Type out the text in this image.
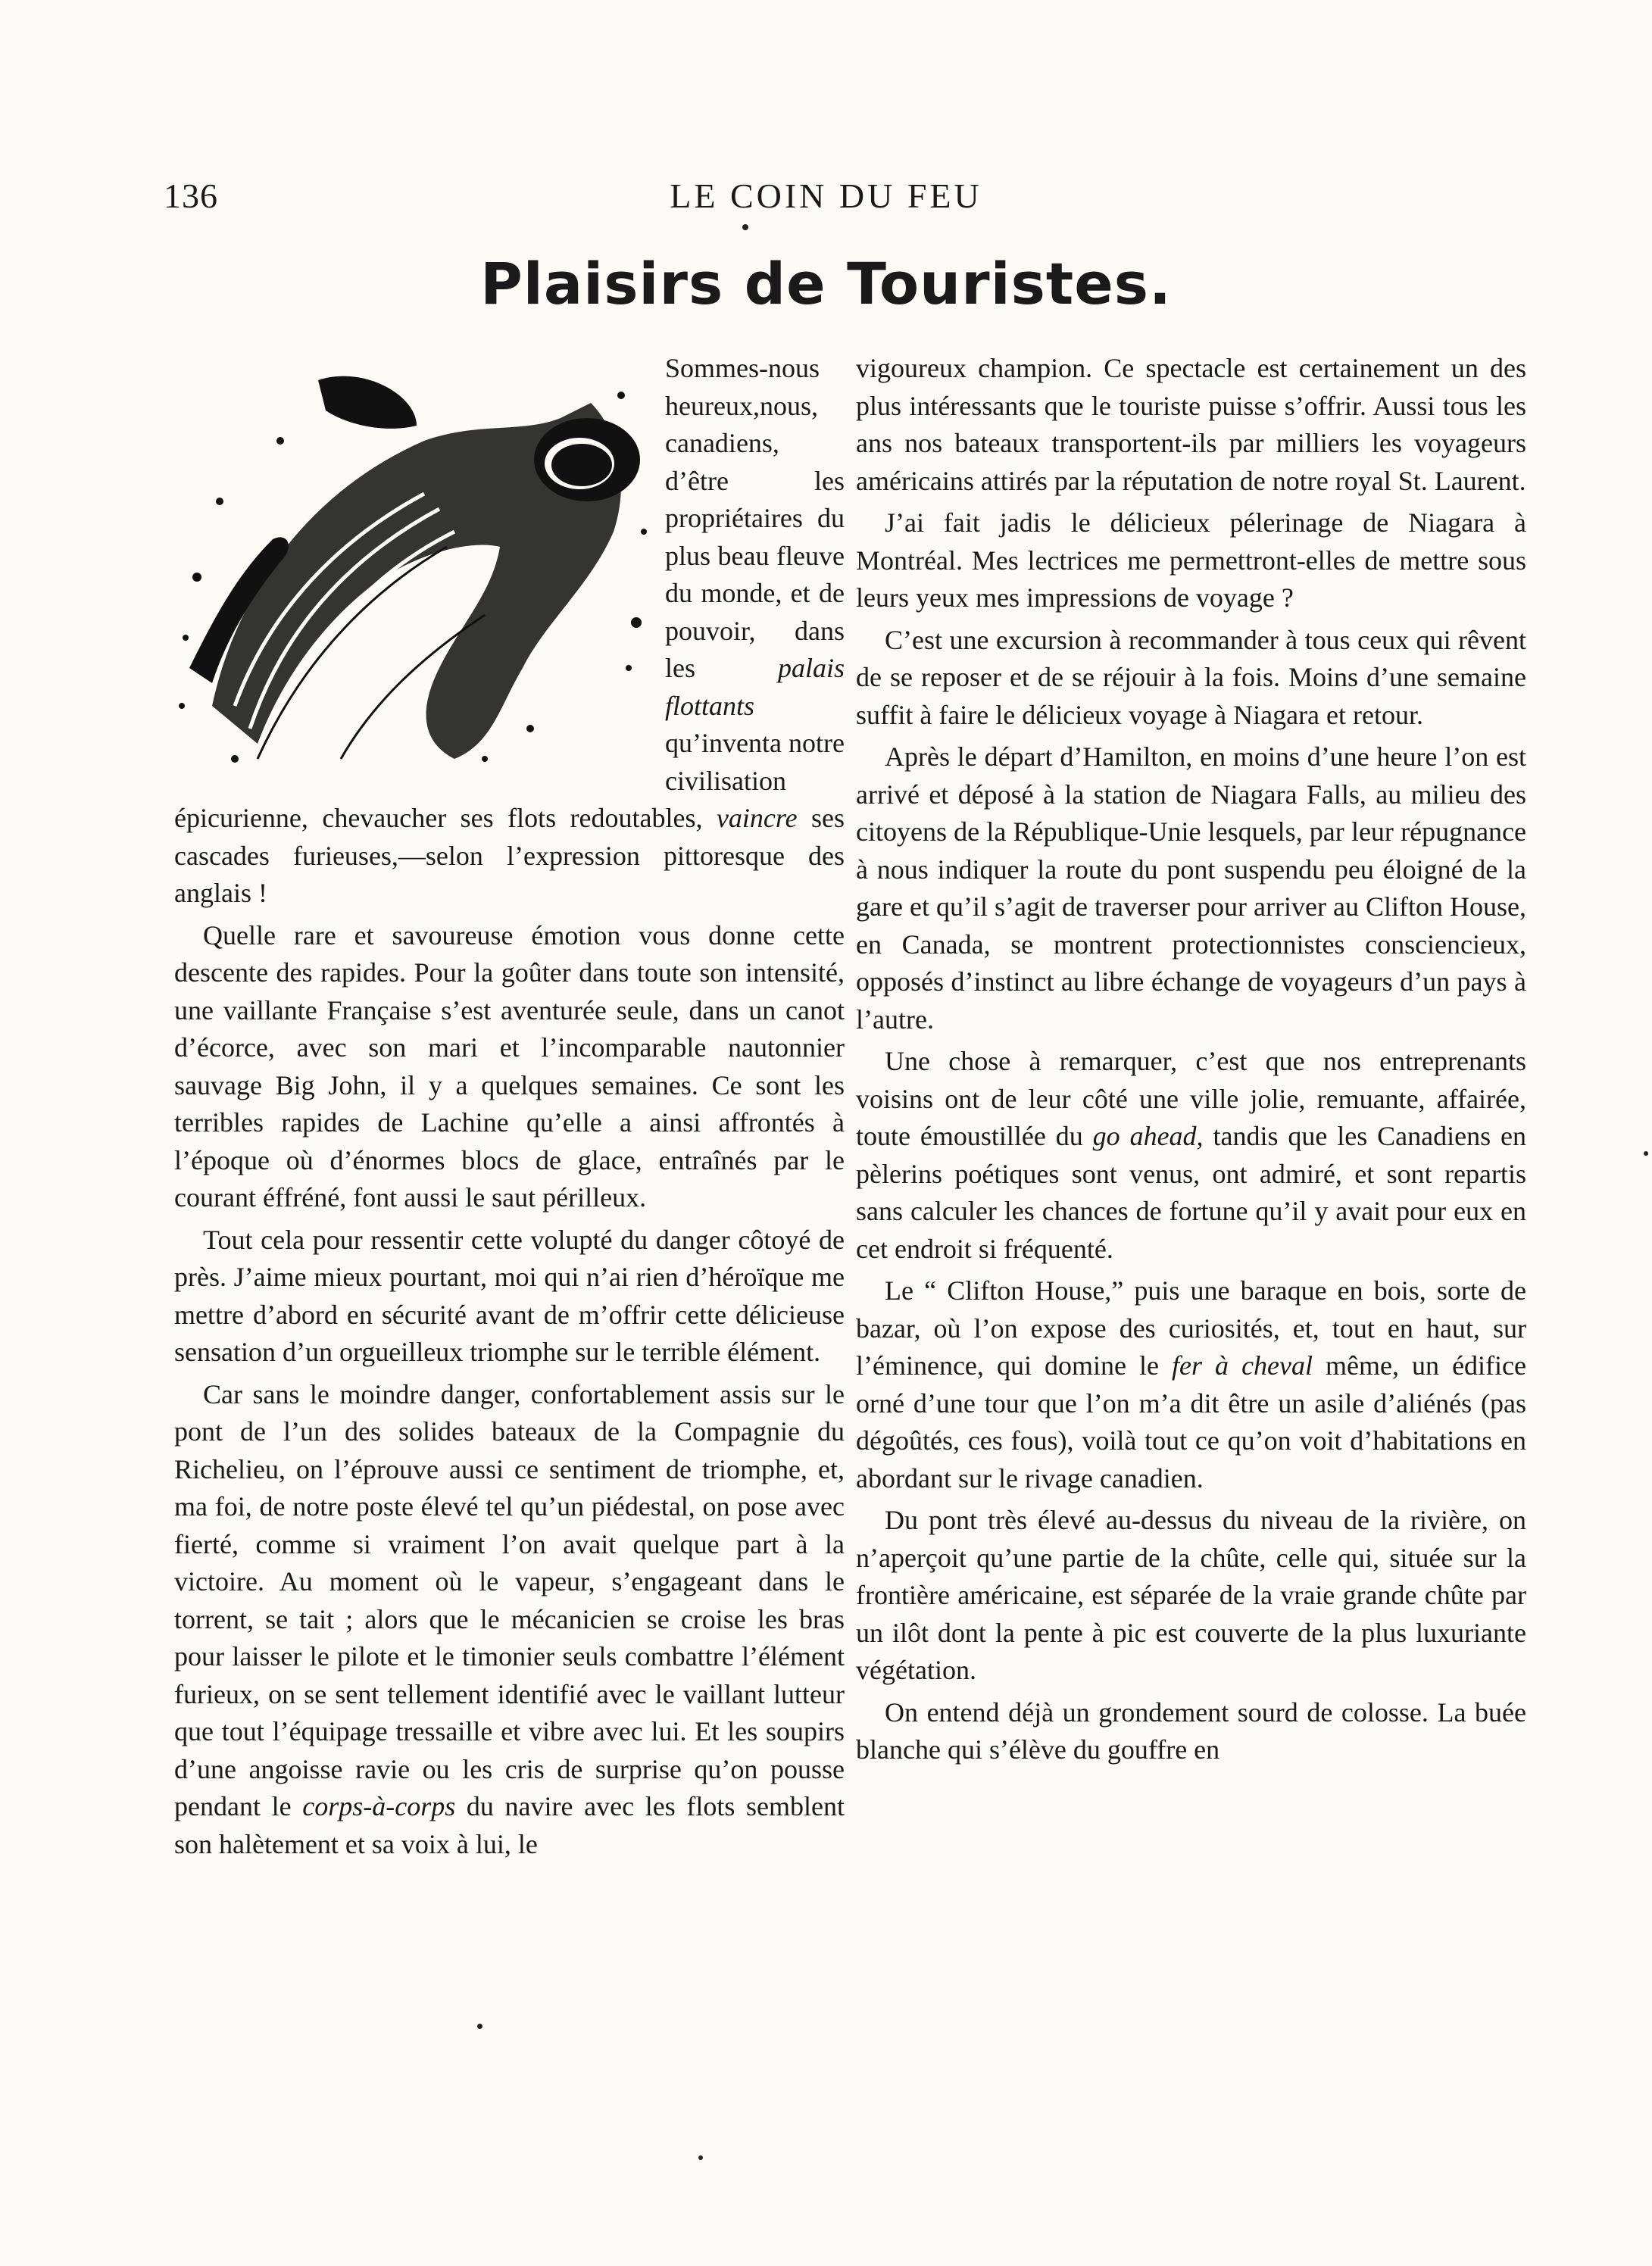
136	LE COIN DU FEU
Plaisirs de Touristes.

Sommes-nous heureux,nous, canadiens, d’être les propriétaires du plus beau fleuve du monde, et de pouvoir, dans les palais flottants qu’inventa notre civilisation épicurienne, chevaucher ses flots redoutables, vaincre ses cascades furieuses,—selon l’expression pittoresque des anglais !

Quelle rare et savoureuse émotion vous donne cette descente des rapides. Pour la goûter dans toute son intensité, une vaillante Française s’est aventurée seule, dans un canot d’écorce, avec son mari et l’incomparable nautonnier sauvage Big John, il y a quelques semaines. Ce sont les terribles rapides de Lachine qu’elle a ainsi affrontés à l’époque où d’énormes blocs de glace, entraînés par le courant éffréné, font aussi le saut périlleux.

Tout cela pour ressentir cette volupté du danger côtoyé de près. J’aime mieux pourtant, moi qui n’ai rien d’héroïque me mettre d’abord en sécurité avant de m’offrir cette délicieuse sensation d’un orgueilleux triomphe sur le terrible élément.

Car sans le moindre danger, confortablement assis sur le pont de l’un des solides bateaux de la Compagnie du Richelieu, on l’éprouve aussi ce sentiment de triomphe, et, ma foi, de notre poste élevé tel qu’un piédestal, on pose avec fierté, comme si vraiment l’on avait quelque part à la victoire. Au moment où le vapeur, s’engageant dans le torrent, se tait ; alors que le mécanicien se croise les bras pour laisser le pilote et le timonier seuls combattre l’élément furieux, on se sent tellement identifié avec le vaillant lutteur que tout l’équipage tressaille et vibre avec lui. Et les soupirs d’une angoisse ravie ou les cris de surprise qu’on pousse pendant le corps-à-corps du navire avec les flots semblent son halètement et sa voix à lui, le

vigoureux champion. Ce spectacle est certainement un des plus intéressants que le touriste puisse s’offrir. Aussi tous les ans nos bateaux transportent-ils par milliers les voyageurs américains attirés par la réputation de notre royal St. Laurent.

J’ai fait jadis le délicieux pélerinage de Niagara à Montréal. Mes lectrices me permettront-elles de mettre sous leurs yeux mes impressions de voyage ?

C’est une excursion à recommander à tous ceux qui rêvent de se reposer et de se réjouir à la fois. Moins d’une semaine suffit à faire le délicieux voyage à Niagara et retour.

Après le départ d’Hamilton, en moins d’une heure l’on est arrivé et déposé à la station de Niagara Falls, au milieu des citoyens de la République-Unie lesquels, par leur répugnance à nous indiquer la route du pont suspendu peu éloigné de la gare et qu’il s’agit de traverser pour arriver au Clifton House, en Canada, se montrent protectionnistes consciencieux, opposés d’instinct au libre échange de voyageurs d’un pays à l’autre.

Une chose à remarquer, c’est que nos entreprenants voisins ont de leur côté une ville jolie, remuante, affairée, toute émoustillée du go ahead, tandis que les Canadiens en pèlerins poétiques sont venus, ont admiré, et sont repartis sans calculer les chances de fortune qu’il y avait pour eux en cet endroit si fréquenté.

Le “ Clifton House,” puis une baraque en bois, sorte de bazar, où l’on expose des curiosités, et, tout en haut, sur l’éminence, qui domine le fer à cheval même, un édifice orné d’une tour que l’on m’a dit être un asile d’aliénés (pas dégoûtés, ces fous), voilà tout ce qu’on voit d’habitations en abordant sur le rivage canadien.

Du pont très élevé au-dessus du niveau de la rivière, on n’aperçoit qu’une partie de la chûte, celle qui, située sur la frontière américaine, est séparée de la vraie grande chûte par un ilôt dont la pente à pic est couverte de la plus luxuriante végétation.

On entend déjà un grondement sourd de colosse. La buée blanche qui s’élève du gouffre en
